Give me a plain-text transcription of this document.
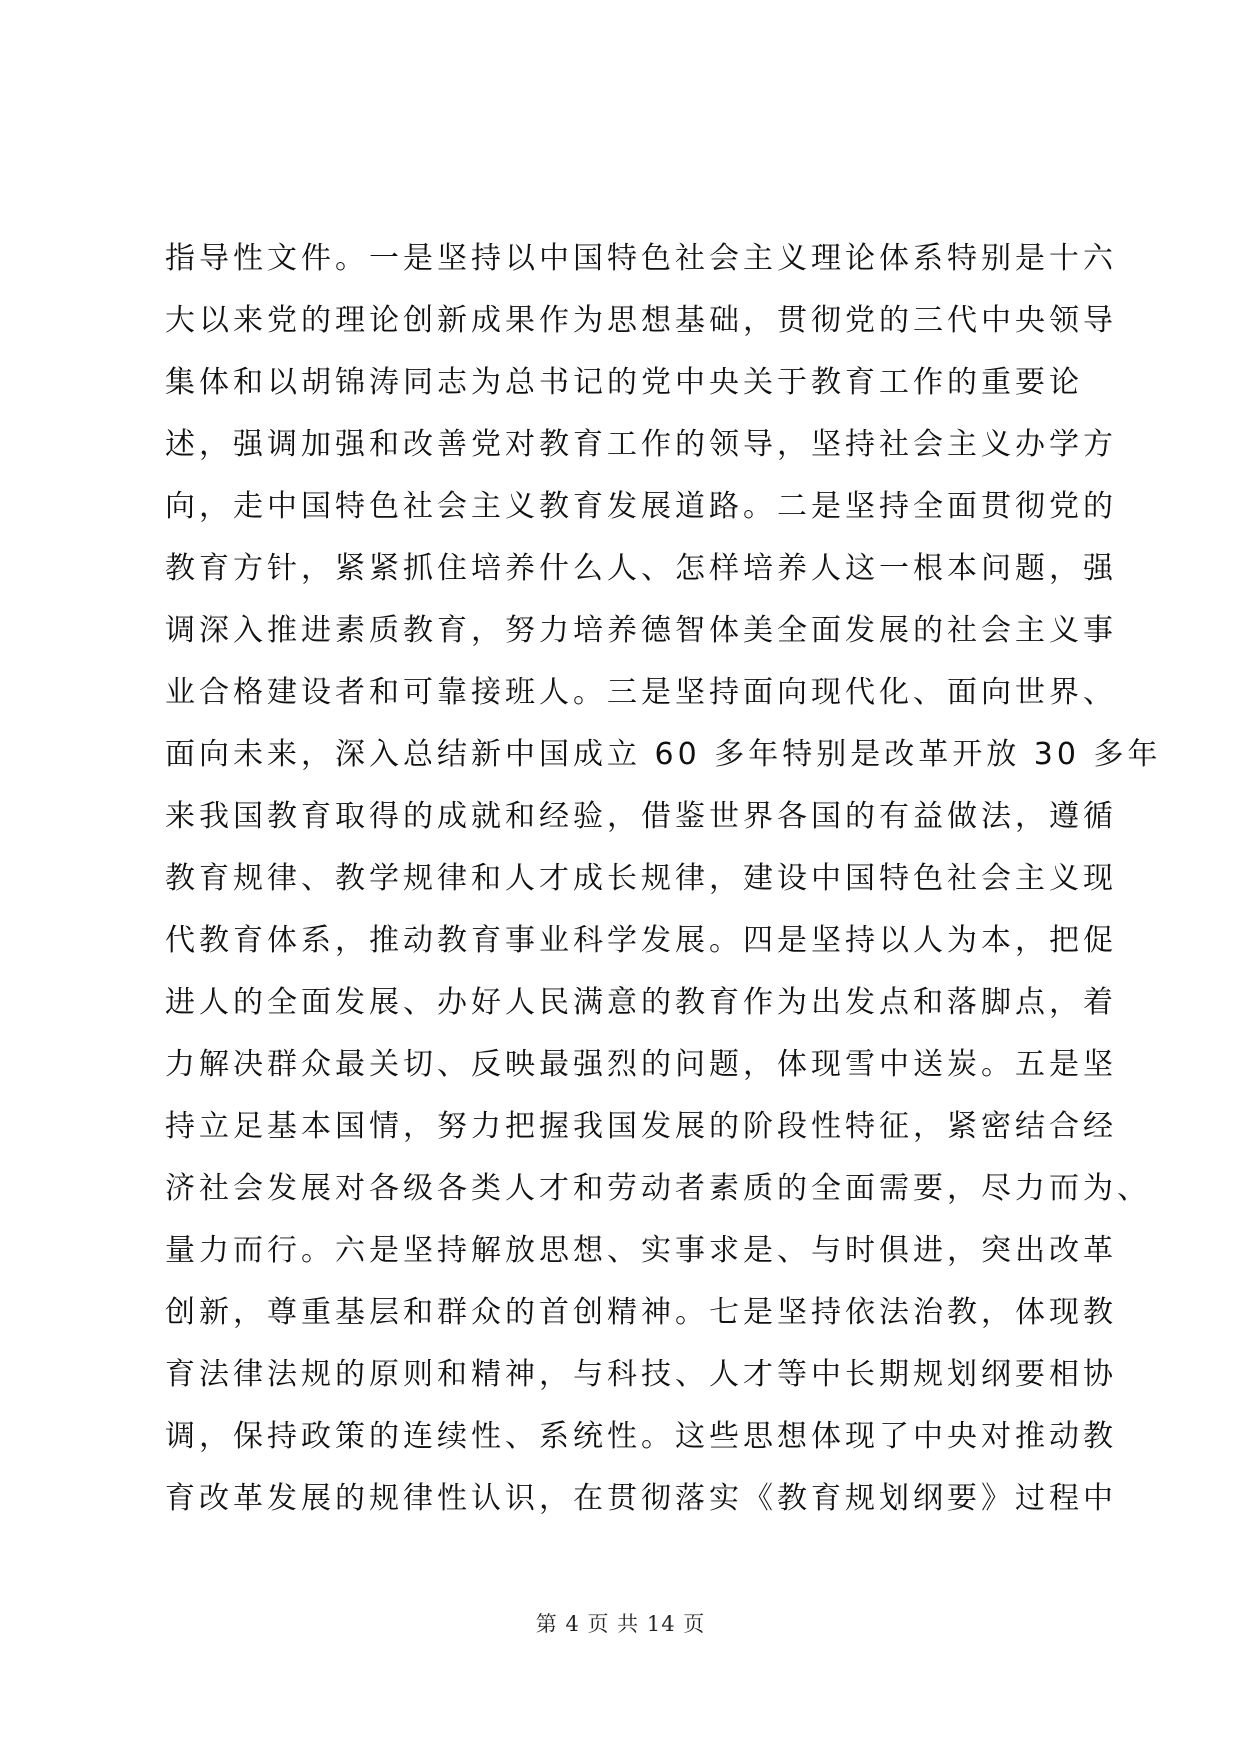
指导性文件。一是坚持以中国特色社会主义理论体系特别是十六
大以来党的理论创新成果作为思想基础，贯彻党的三代中央领导
集体和以胡锦涛同志为总书记的党中央关于教育工作的重要论
述，强调加强和改善党对教育工作的领导，坚持社会主义办学方
向，走中国特色社会主义教育发展道路。二是坚持全面贯彻党的
教育方针，紧紧抓住培养什么人、怎样培养人这一根本问题，强
调深入推进素质教育，努力培养德智体美全面发展的社会主义事
业合格建设者和可靠接班人。三是坚持面向现代化、面向世界、
面向未来，深入总结新中国成立 60 多年特别是改革开放 30 多年
来我国教育取得的成就和经验，借鉴世界各国的有益做法，遵循
教育规律、教学规律和人才成长规律，建设中国特色社会主义现
代教育体系，推动教育事业科学发展。四是坚持以人为本，把促
进人的全面发展、办好人民满意的教育作为出发点和落脚点，着
力解决群众最关切、反映最强烈的问题，体现雪中送炭。五是坚
持立足基本国情，努力把握我国发展的阶段性特征，紧密结合经
济社会发展对各级各类人才和劳动者素质的全面需要，尽力而为、
量力而行。六是坚持解放思想、实事求是、与时俱进，突出改革
创新，尊重基层和群众的首创精神。七是坚持依法治教，体现教
育法律法规的原则和精神，与科技、人才等中长期规划纲要相协
调，保持政策的连续性、系统性。这些思想体现了中央对推动教
育改革发展的规律性认识，在贯彻落实《教育规划纲要》过程中
第 4 页 共 14 页
